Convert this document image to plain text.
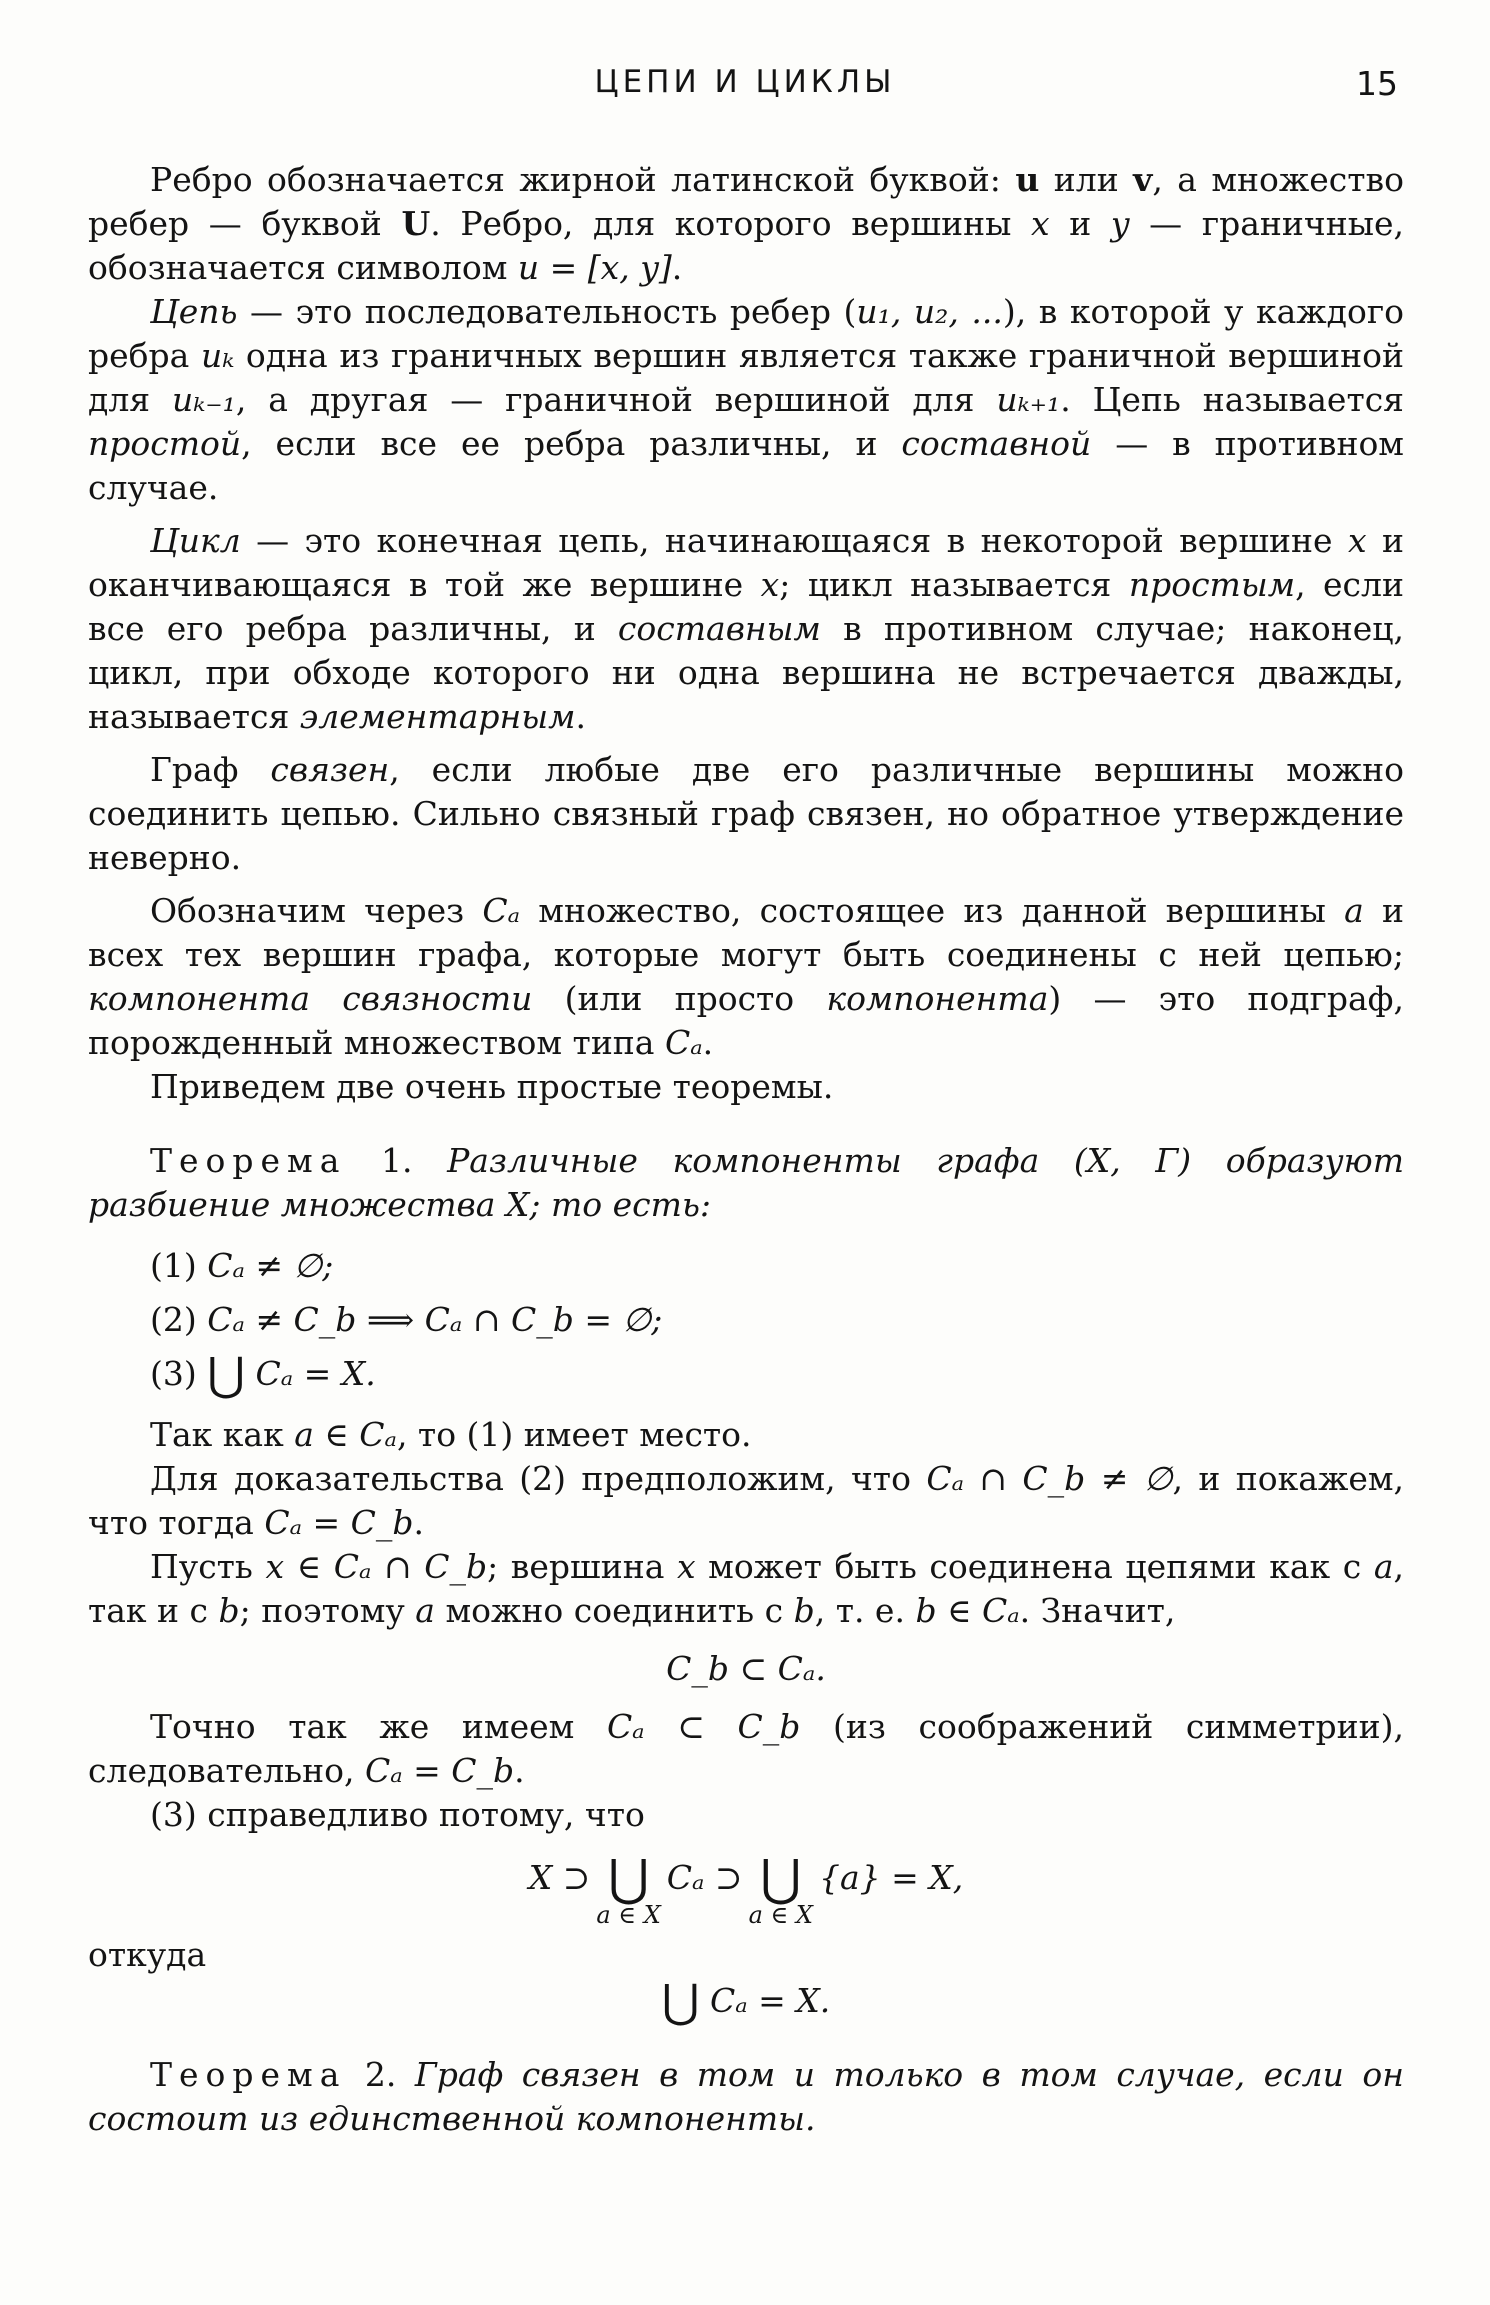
ЦЕПИ И ЦИКЛЫ	15

Ребро обозначается жирной латинской буквой: u или v, а множество ребер — буквой U. Ребро, для которого вершины x и y — граничные, обозначается символом u = [x, y].

Цепь — это последовательность ребер (u₁, u₂, ...), в которой у каждого ребра uₖ одна из граничных вершин является также граничной вершиной для uₖ₋₁, а другая — граничной вершиной для uₖ₊₁. Цепь называется простой, если все ее ребра различны, и составной — в противном случае.

Цикл — это конечная цепь, начинающаяся в некоторой вершине x и оканчивающаяся в той же вершине x; цикл называется простым, если все его ребра различны, и составным в противном случае; наконец, цикл, при обходе которого ни одна вершина не встречается дважды, называется элементарным.

Граф связен, если любые две его различные вершины можно соединить цепью. Сильно связный граф связен, но обратное утверждение неверно.

Обозначим через Cₐ множество, состоящее из данной вершины a и всех тех вершин графа, которые могут быть соединены с ней цепью; компонента связности (или просто компонента) — это подграф, порожденный множеством типа Cₐ.

Приведем две очень простые теоремы.

Теорема 1. Различные компоненты графа (X, Γ) образуют разбиение множества X; то есть:

(1) Cₐ ≠ ∅;
(2) Cₐ ≠ C_b ⟹ Cₐ ∩ C_b = ∅;
(3) ⋃ Cₐ = X.

Так как a ∈ Cₐ, то (1) имеет место.

Для доказательства (2) предположим, что Cₐ ∩ C_b ≠ ∅, и покажем, что тогда Cₐ = C_b.

Пусть x ∈ Cₐ ∩ C_b; вершина x может быть соединена цепями как с a, так и с b; поэтому a можно соединить с b, т. е. b ∈ Cₐ. Значит,

C_b ⊂ Cₐ.

Точно так же имеем Cₐ ⊂ C_b (из соображений симметрии), следовательно, Cₐ = C_b.

(3) справедливо потому, что

X ⊃ ⋃
a ∈ X
Cₐ ⊃ ⋃
a ∈ X
{a} = X,

откуда

⋃ Cₐ = X.

Теорема 2. Граф связен в том и только в том случае, если он состоит из единственной компоненты.
